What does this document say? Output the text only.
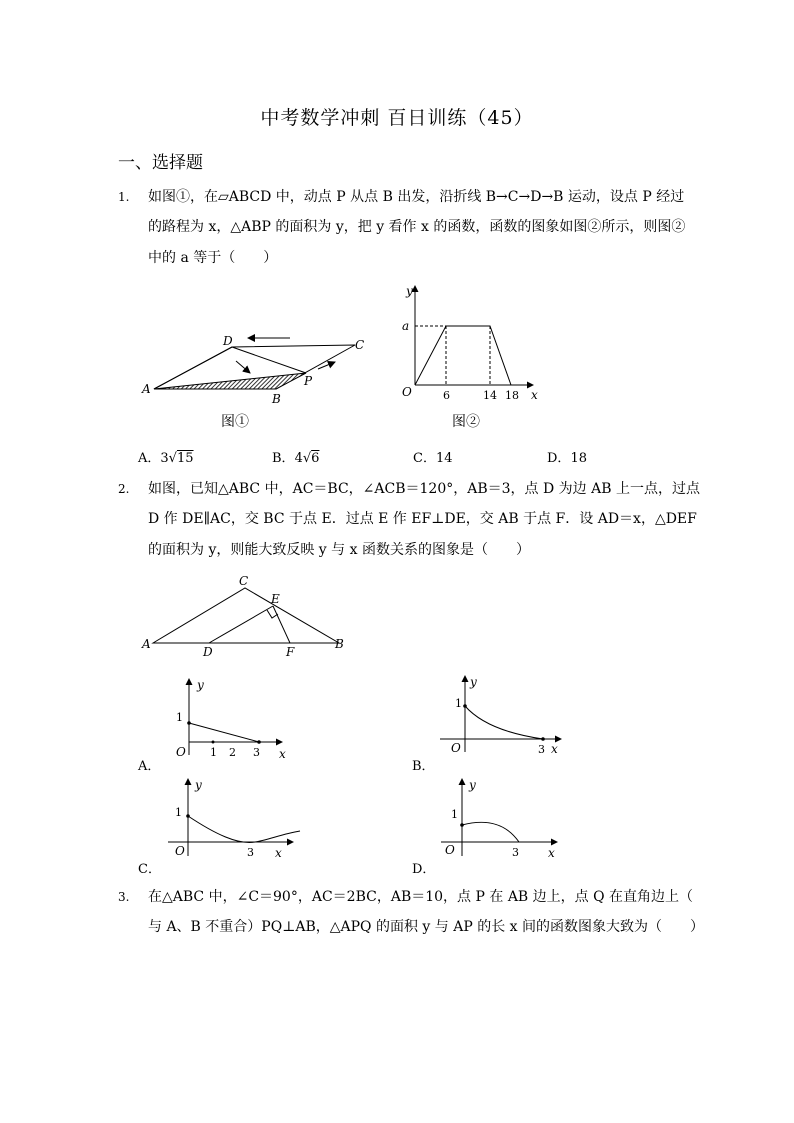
中考数学冲刺 百日训练（45）
一、选择题
1. 如图①，在▱ABCD 中，动点 P 从点 B 出发，沿折线 B→C→D→B 运动，设点 P 经过
的路程为 x，△ABP 的面积为 y，把 y 看作 x 的函数，函数的图象如图②所示，则图②
中的 a 等于（　　）
A
B
C
D
P
图①
y
x
O
a
6	14 18
图②
A．3√15	B．4√6	C．14	D．18
2. 如图，已知△ABC 中，AC＝BC，∠ACB＝120°，AB＝3，点 D 为边 AB 上一点，过点
D 作 DE∥AC，交 BC 于点 E．过点 E 作 EF⊥DE，交 AB 于点 F．设 AD＝x，△DEF
的面积为 y，则能大致反映 y 与 x 函数关系的图象是（　　）
A	B
C
D
E
F
A．
y
x
O
1
1 2 3
B．
y
x
O
1
3
C．
y
x
O
1
3
D．
y
x
O
1
3
3. 在△ABC 中，∠C＝90°，AC＝2BC，AB＝10，点 P 在 AB 边上，点 Q 在直角边上（
与 A、B 不重合）PQ⊥AB，△APQ 的面积 y 与 AP 的长 x 间的函数图象大致为（　　）
